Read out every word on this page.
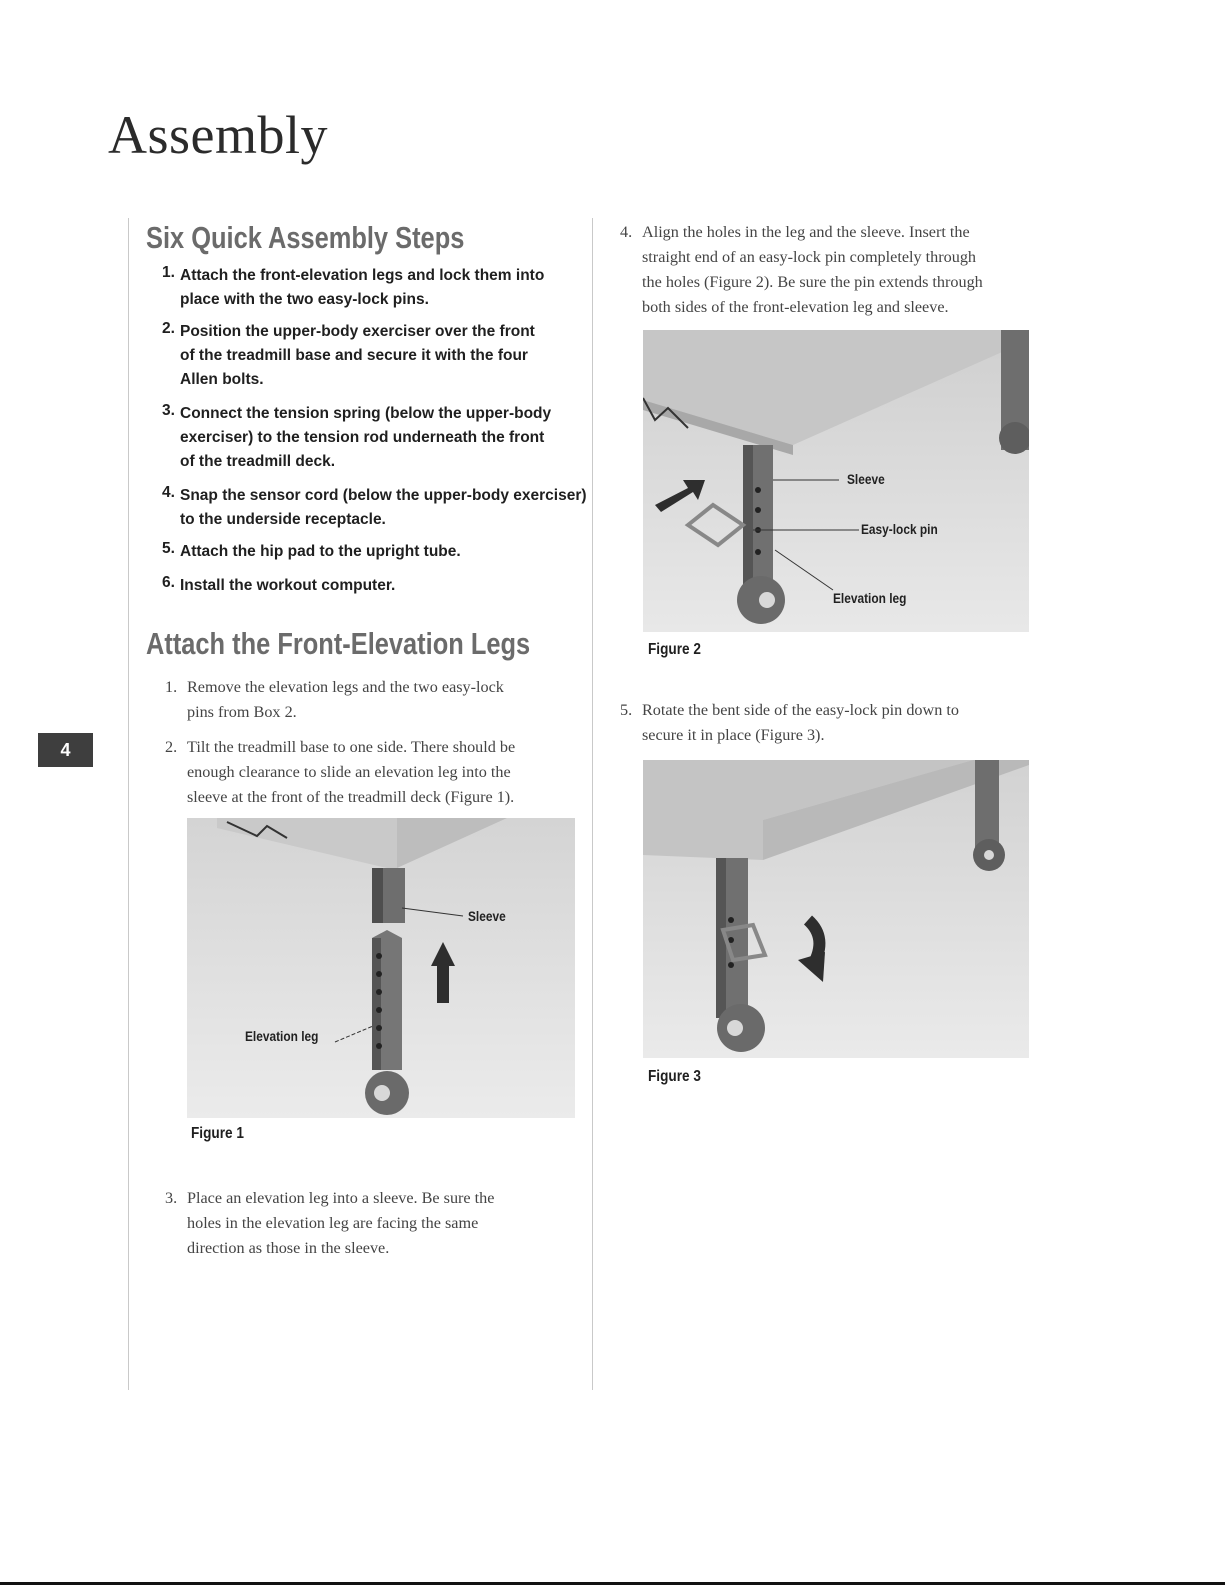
Assembly
4
Six Quick Assembly Steps
1. Attach the front-elevation legs and lock them into
place with the two easy-lock pins.
2. Position the upper-body exerciser over the front
of the treadmill base and secure it with the four
Allen bolts.
3. Connect the tension spring (below the upper-body
exerciser) to the tension rod underneath the front
of the treadmill deck.
4. Snap the sensor cord (below the upper-body exerciser)
to the underside receptacle.
5. Attach the hip pad to the upright tube.
6. Install the workout computer.
Attach the Front-Elevation Legs
1. Remove the elevation legs and the two easy-lock
pins from Box 2.
2. Tilt the treadmill base to one side. There should be
enough clearance to slide an elevation leg into the
sleeve at the front of the treadmill deck (Figure 1).
Sleeve
Elevation leg
Figure 1
3. Place an elevation leg into a sleeve. Be sure the
holes in the elevation leg are facing the same
direction as those in the sleeve.
4. Align the holes in the leg and the sleeve. Insert the
straight end of an easy-lock pin completely through
the holes (Figure 2). Be sure the pin extends through
both sides of the front-elevation leg and sleeve.
Sleeve
Easy-lock pin
Elevation leg
Figure 2
5. Rotate the bent side of the easy-lock pin down to
secure it in place (Figure 3).
Figure 3
